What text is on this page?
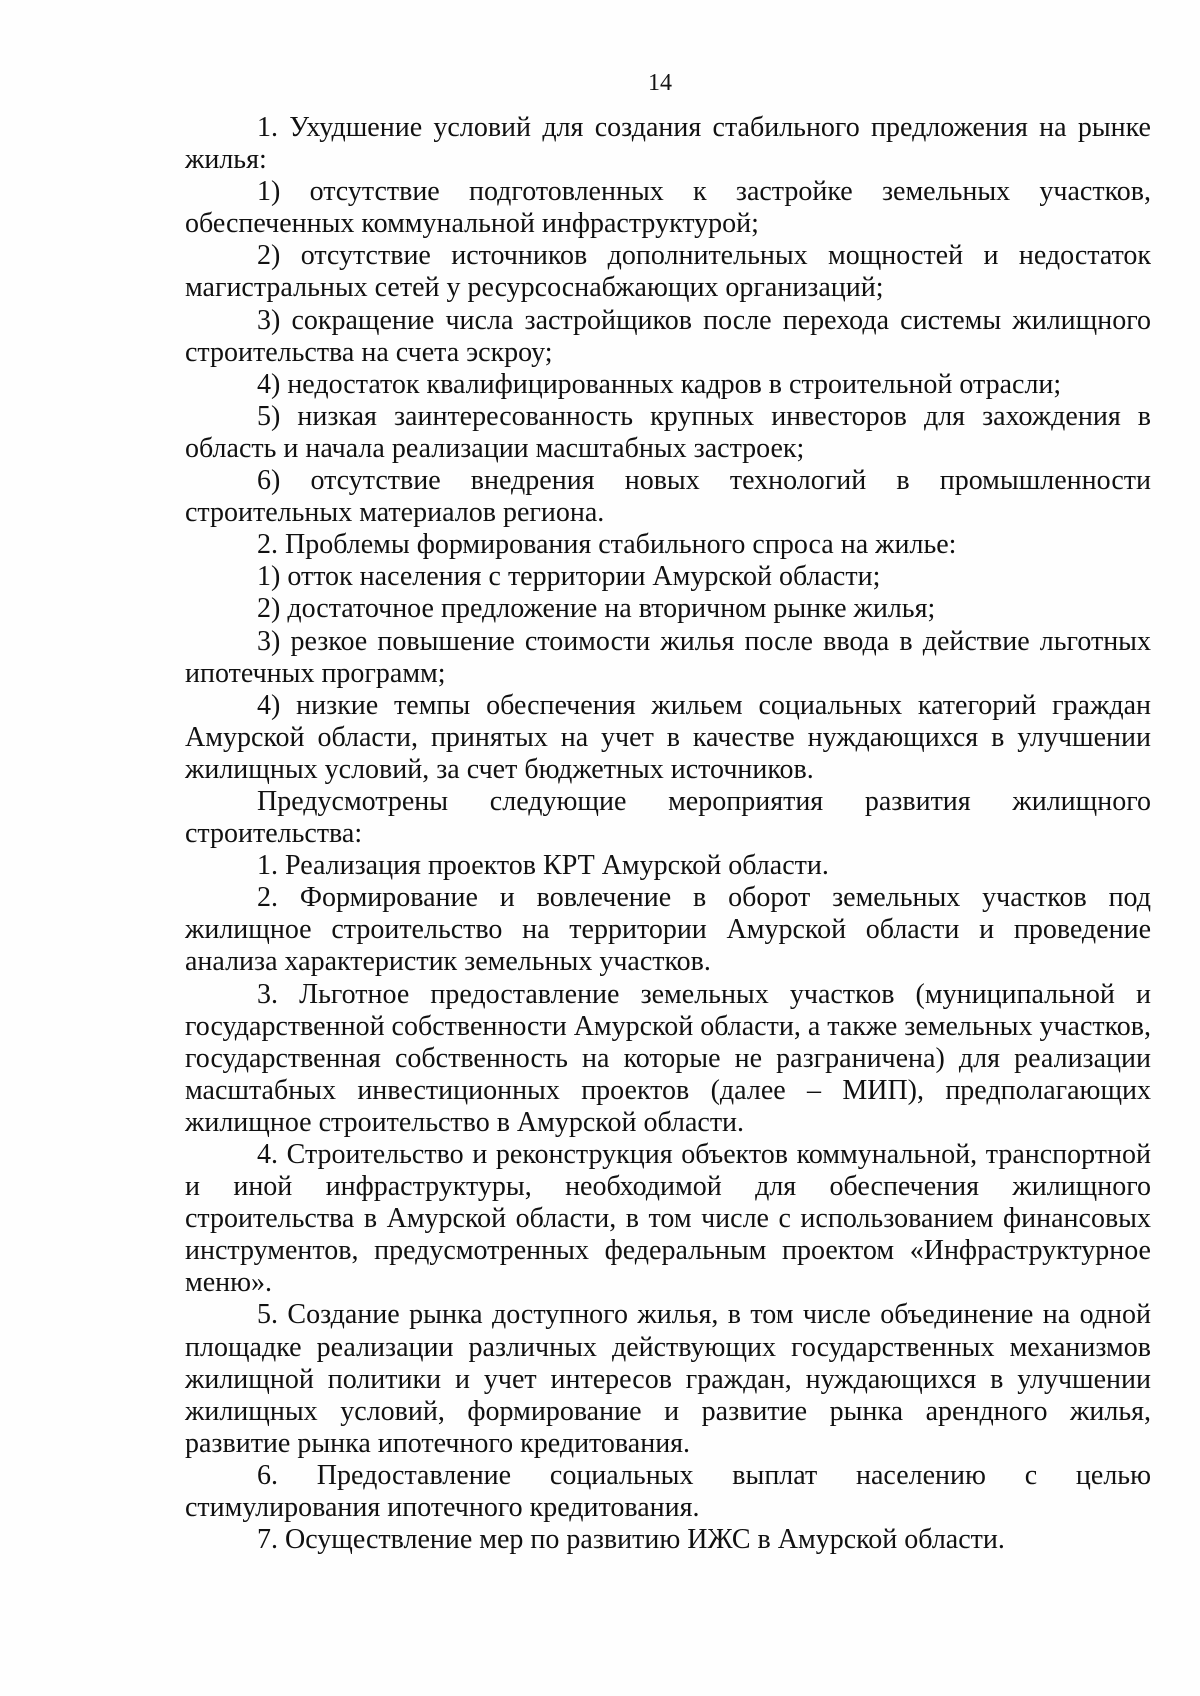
14

1. Ухудшение условий для создания стабильного предложения на рынке жилья:

1) отсутствие подготовленных к застройке земельных участков, обеспеченных коммунальной инфраструктурой;

2) отсутствие источников дополнительных мощностей и недостаток магистральных сетей у ресурсоснабжающих организаций;

3) сокращение числа застройщиков после перехода системы жилищного строительства на счета эскроу;

4) недостаток квалифицированных кадров в строительной отрасли;

5) низкая заинтересованность крупных инвесторов для захождения в область и начала реализации масштабных застроек;

6) отсутствие внедрения новых технологий в промышленности строительных материалов региона.

2. Проблемы формирования стабильного спроса на жилье:

1) отток населения с территории Амурской области;

2) достаточное предложение на вторичном рынке жилья;

3) резкое повышение стоимости жилья после ввода в действие льготных ипотечных программ;

4) низкие темпы обеспечения жильем социальных категорий граждан Амурской области, принятых на учет в качестве нуждающихся в улучшении жилищных условий, за счет бюджетных источников.

Предусмотрены следующие мероприятия развития жилищного строительства:

1. Реализация проектов КРТ Амурской области.

2. Формирование и вовлечение в оборот земельных участков под жилищное строительство на территории Амурской области и проведение анализа характеристик земельных участков.

3. Льготное предоставление земельных участков (муниципальной и государственной собственности Амурской области, а также земельных участков, государственная собственность на которые не разграничена) для реализации масштабных инвестиционных проектов (далее – МИП), предполагающих жилищное строительство в Амурской области.

4. Строительство и реконструкция объектов коммунальной, транспортной и иной инфраструктуры, необходимой для обеспечения жилищного строительства в Амурской области, в том числе с использованием финансовых инструментов, предусмотренных федеральным проектом «Инфраструктурное меню».

5. Создание рынка доступного жилья, в том числе объединение на одной площадке реализации различных действующих государственных механизмов жилищной политики и учет интересов граждан, нуждающихся в улучшении жилищных условий, формирование и развитие рынка арендного жилья, развитие рынка ипотечного кредитования.

6. Предоставление социальных выплат населению с целью стимулирования ипотечного кредитования.

7. Осуществление мер по развитию ИЖС в Амурской области.
